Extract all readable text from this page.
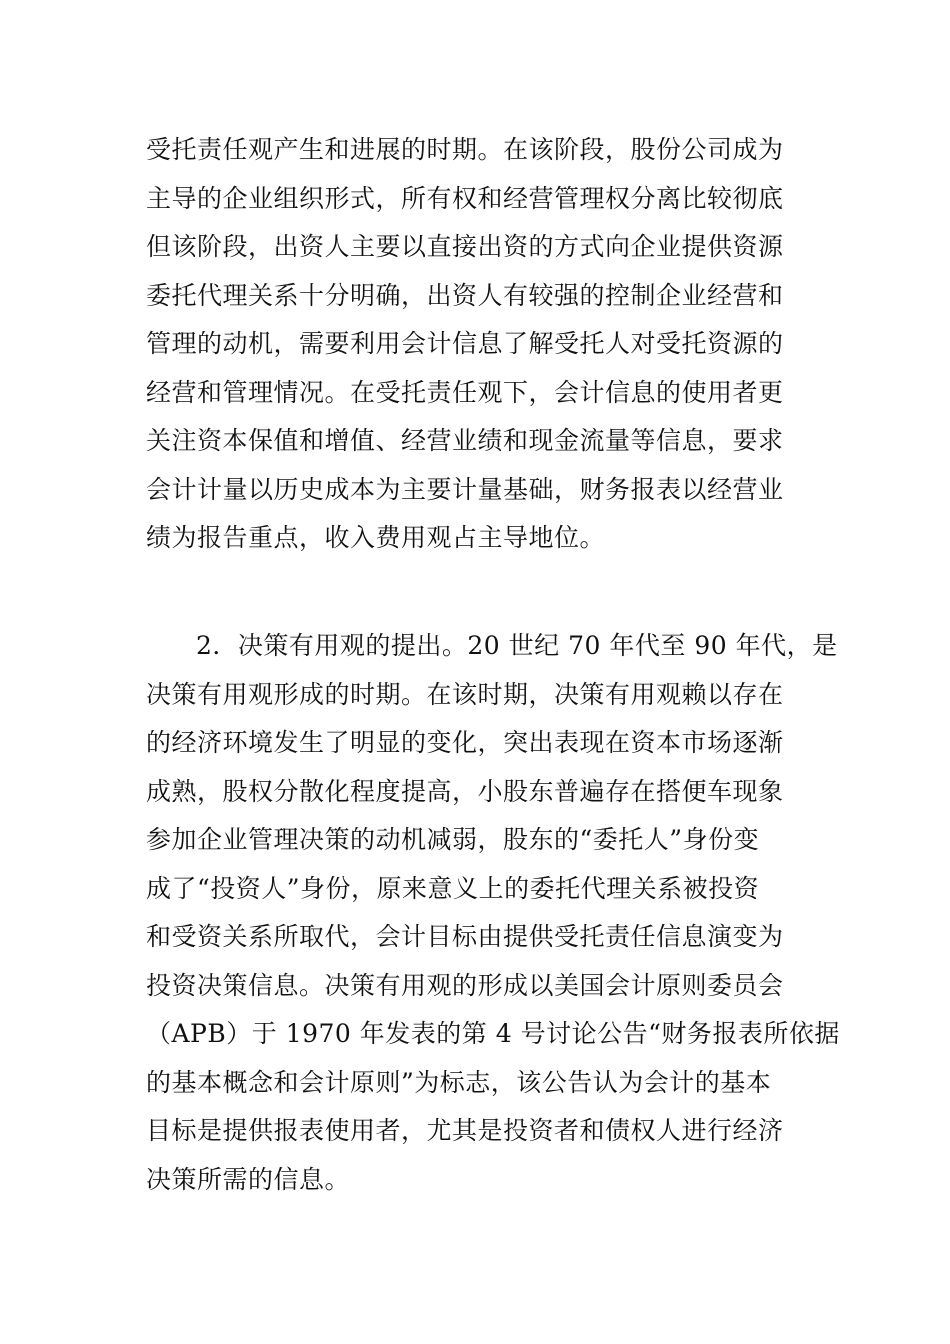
受托责任观产生和进展的时期。在该阶段，股份公司成为
主导的企业组织形式，所有权和经营管理权分离比较彻底
但该阶段，出资人主要以直接出资的方式向企业提供资源
委托代理关系十分明确，出资人有较强的控制企业经营和
管理的动机，需要利用会计信息了解受托人对受托资源的
经营和管理情况。在受托责任观下，会计信息的使用者更
关注资本保值和增值、经营业绩和现金流量等信息，要求
会计计量以历史成本为主要计量基础，财务报表以经营业
绩为报告重点，收入费用观占主导地位。
2．决策有用观的提出。20 世纪 70 年代至 90 年代，是
决策有用观形成的时期。在该时期，决策有用观赖以存在
的经济环境发生了明显的变化，突出表现在资本市场逐渐
成熟，股权分散化程度提高，小股东普遍存在搭便车现象
参加企业管理决策的动机减弱，股东的“委托人”身份变
成了“投资人”身份，原来意义上的委托代理关系被投资
和受资关系所取代，会计目标由提供受托责任信息演变为
投资决策信息。决策有用观的形成以美国会计原则委员会
（APB）于 1970 年发表的第 4 号讨论公告“财务报表所依据
的基本概念和会计原则”为标志，该公告认为会计的基本
目标是提供报表使用者，尤其是投资者和债权人进行经济
决策所需的信息。
